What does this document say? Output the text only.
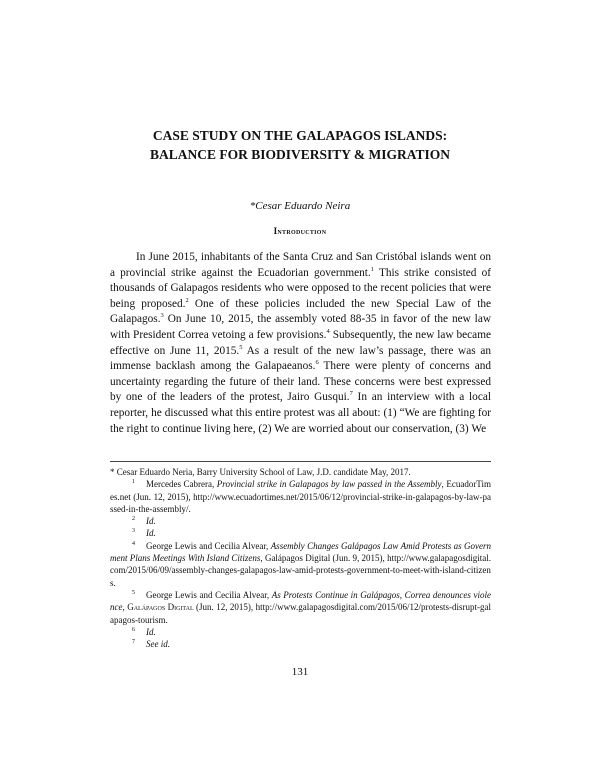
CASE STUDY ON THE GALAPAGOS ISLANDS:
BALANCE FOR BIODIVERSITY & MIGRATION
*Cesar Eduardo Neira
Introduction

In June 2015, inhabitants of the Santa Cruz and San Cristóbal islands went on a provincial strike against the Ecuadorian government.$^1$ This strike consisted of thousands of Galapagos residents who were opposed to the recent policies that were being proposed.$^2$ One of these policies included the new Special Law of the Galapagos.$^3$ On June 10, 2015, the assembly voted 88-35 in favor of the new law with President Correa vetoing a few provisions.$^4$ Subsequently, the new law became effective on June 11, 2015.$^5$ As a result of the new law’s passage, there was an immense backlash among the Galapaeanos.$^6$ There were plenty of concerns and uncertainty regarding the future of their land. These concerns were best expressed by one of the leaders of the protest, Jairo Gusqui.$^7$ In an interview with a local reporter, he discussed what this entire protest was all about: (1) “We are fighting for the right to continue living here, (2) We are worried about our conservation, (3) We

* Cesar Eduardo Neria, Barry University School of Law, J.D. candidate May, 2017.

$^1$ Mercedes Cabrera, Provincial strike in Galapagos by law passed in the Assembly, EcuadorTimes.net (Jun. 12, 2015), http://www.ecuadortimes.net/2015/06/12/provincial-strike-in-galapagos-by-law-passed-in-the-assembly/.

$^2$ Id.

$^3$ Id.

$^4$ George Lewis and Cecilia Alvear, Assembly Changes Galápagos Law Amid Protests as Government Plans Meetings With Island Citizens, Galápagos Digital (Jun. 9, 2015), http://www.galapagosdigital.com/2015/06/09/assembly-changes-galapagos-law-amid-protests-government-to-meet-with-island-citizens.

$^5$ George Lewis and Cecilia Alvear, As Protests Continue in Galápagos, Correa denounces violence, Galápagos Digital (Jun. 12, 2015), http://www.galapagosdigital.com/2015/06/12/protests-disrupt-galapagos-tourism.

$^6$ Id.

$^7$ See id.

131
